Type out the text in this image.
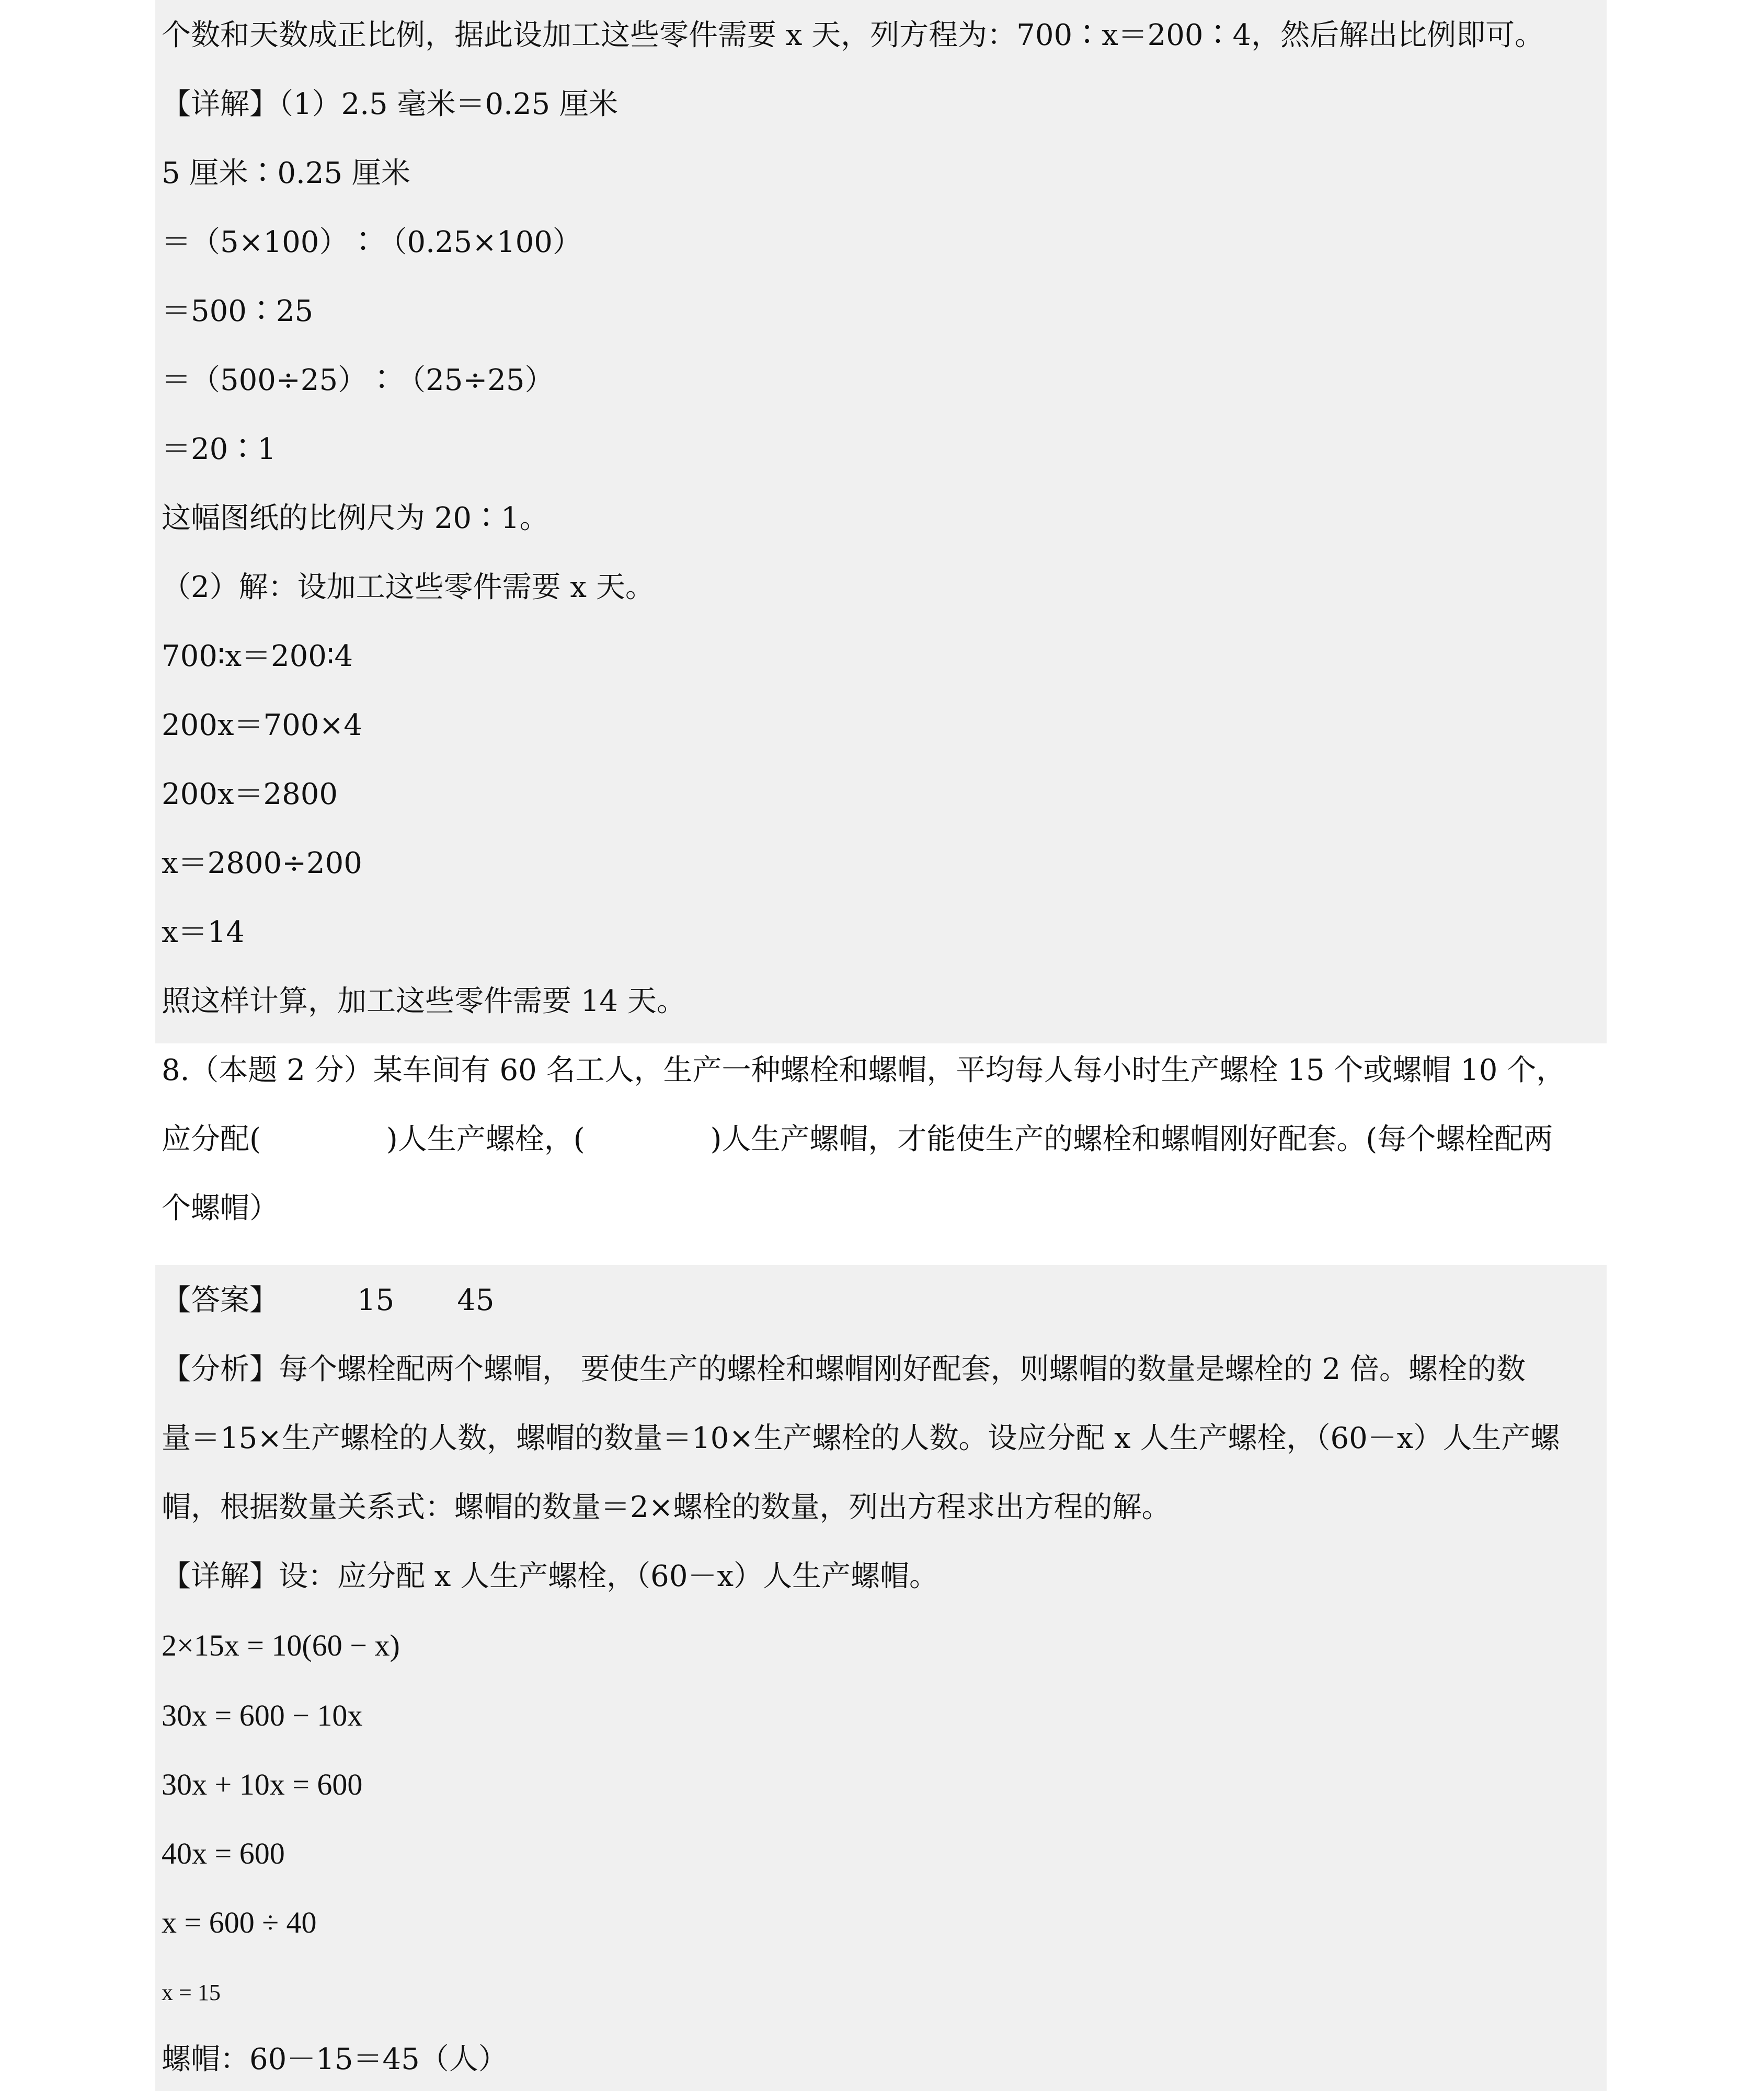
个数和天数成正比例，据此设加工这些零件需要 x 天，列方程为：700∶x＝200∶4，然后解出比例即可。
【详解】（1）2.5 毫米＝0.25 厘米
5 厘米∶0.25 厘米
＝（5×100）∶（0.25×100）
＝500∶25
＝（500÷25）∶（25÷25）
＝20∶1
这幅图纸的比例尺为 20∶1。
（2）解：设加工这些零件需要 x 天。
700∶x＝200∶4
200x＝700×4
200x＝2800
x＝2800÷200
x＝14
照这样计算，加工这些零件需要 14 天。
8.（本题 2 分）某车间有 60 名工人，生产一种螺栓和螺帽，平均每人每小时生产螺栓 15 个或螺帽 10 个，
应分配(	)人生产螺栓，(	)人生产螺帽，才能使生产的螺栓和螺帽刚好配套。(每个螺栓配两
个螺帽）
【答案】	15 45
【分析】每个螺栓配两个螺帽， 要使生产的螺栓和螺帽刚好配套，则螺帽的数量是螺栓的 2 倍。螺栓的数
量＝15×生产螺栓的人数，螺帽的数量＝10×生产螺栓的人数。设应分配 x 人生产螺栓，（60－x）人生产螺
帽，根据数量关系式：螺帽的数量＝2×螺栓的数量，列出方程求出方程的解。
【详解】设：应分配 x 人生产螺栓，（60－x）人生产螺帽。
2×15x = 10(60 − x)
30x = 600 − 10x
30x + 10x = 600
40x = 600
x = 600 ÷ 40
x = 15
螺帽：60－15＝45（人）
